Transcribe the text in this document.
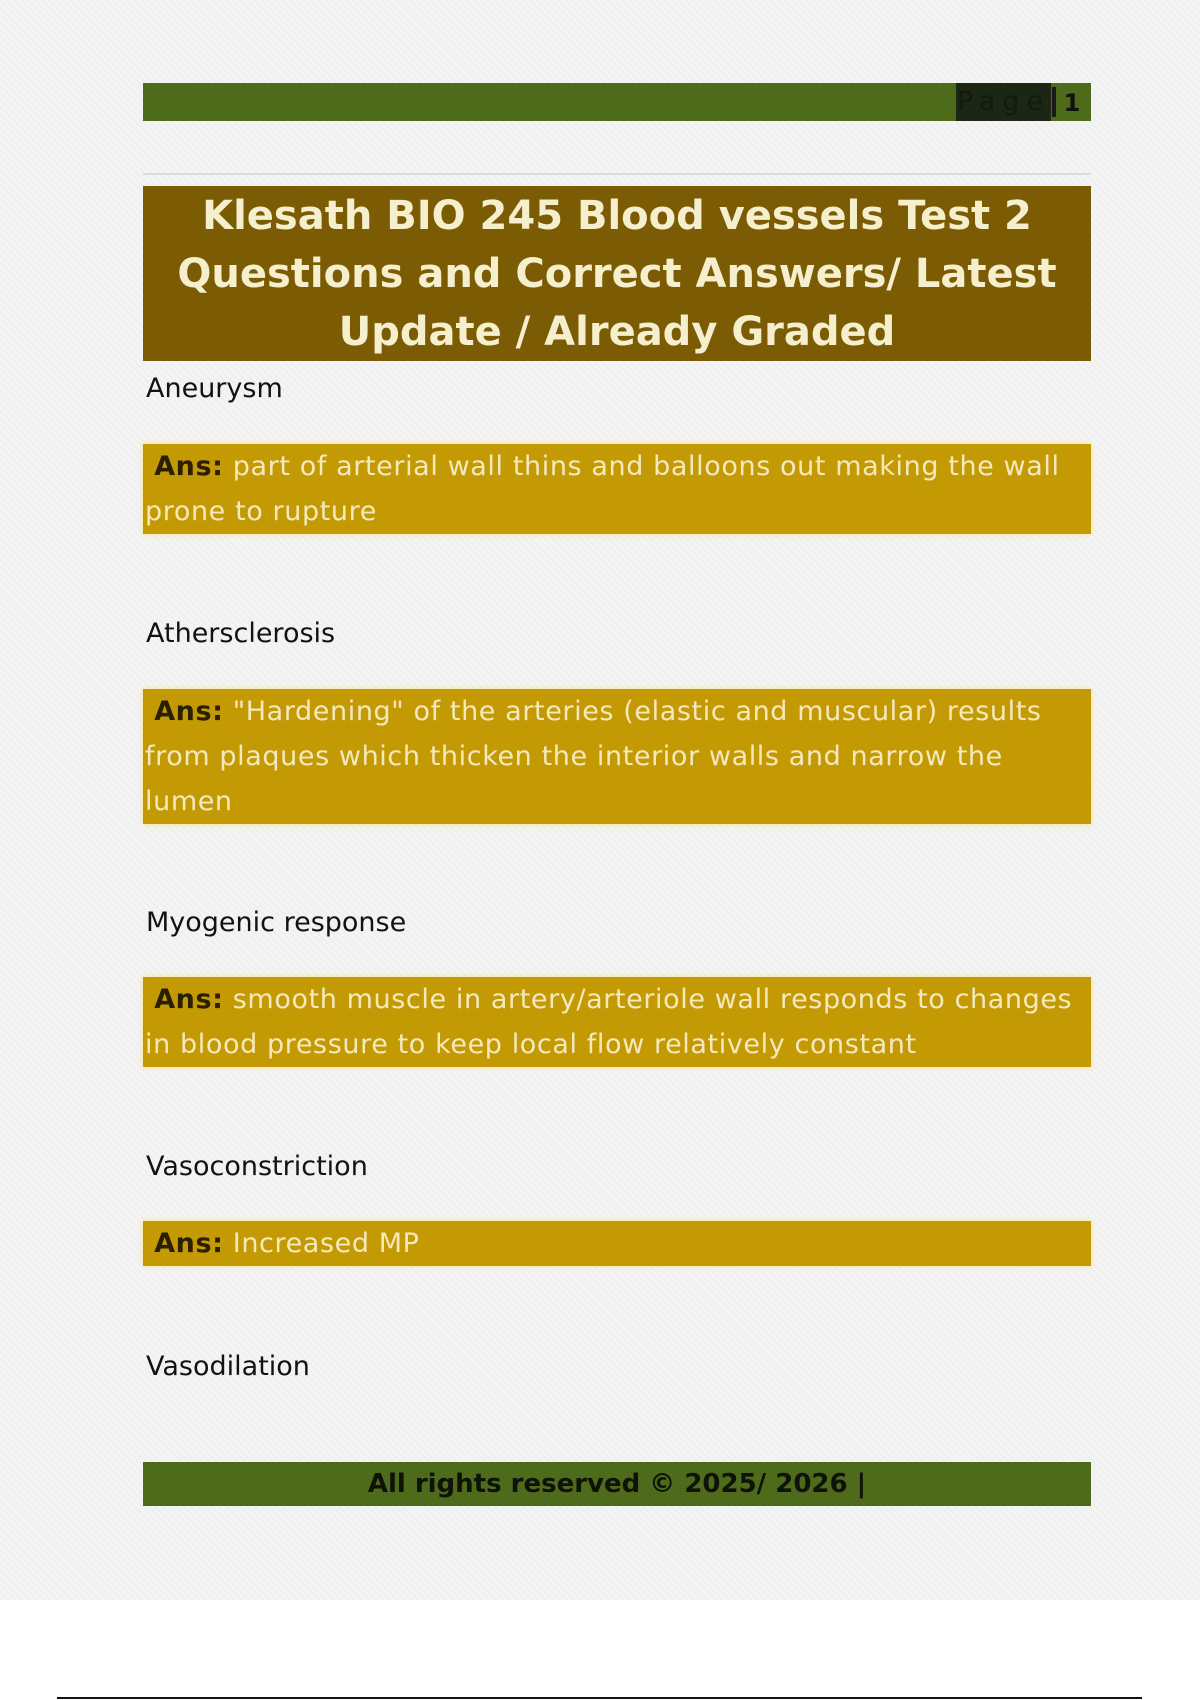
Page 1
Klesath BIO 245 Blood vessels Test 2 Questions and Correct Answers/ Latest Update / Already Graded
Aneurysm
Ans: part of arterial wall thins and balloons out making the wall prone to rupture
Athersclerosis
Ans: "Hardening" of the arteries (elastic and muscular) results from plaques which thicken the interior walls and narrow the lumen
Myogenic response
Ans: smooth muscle in artery/arteriole wall responds to changes in blood pressure to keep local flow relatively constant
Vasoconstriction
Ans: Increased MP
Vasodilation
All rights reserved © 2025/ 2026 |
